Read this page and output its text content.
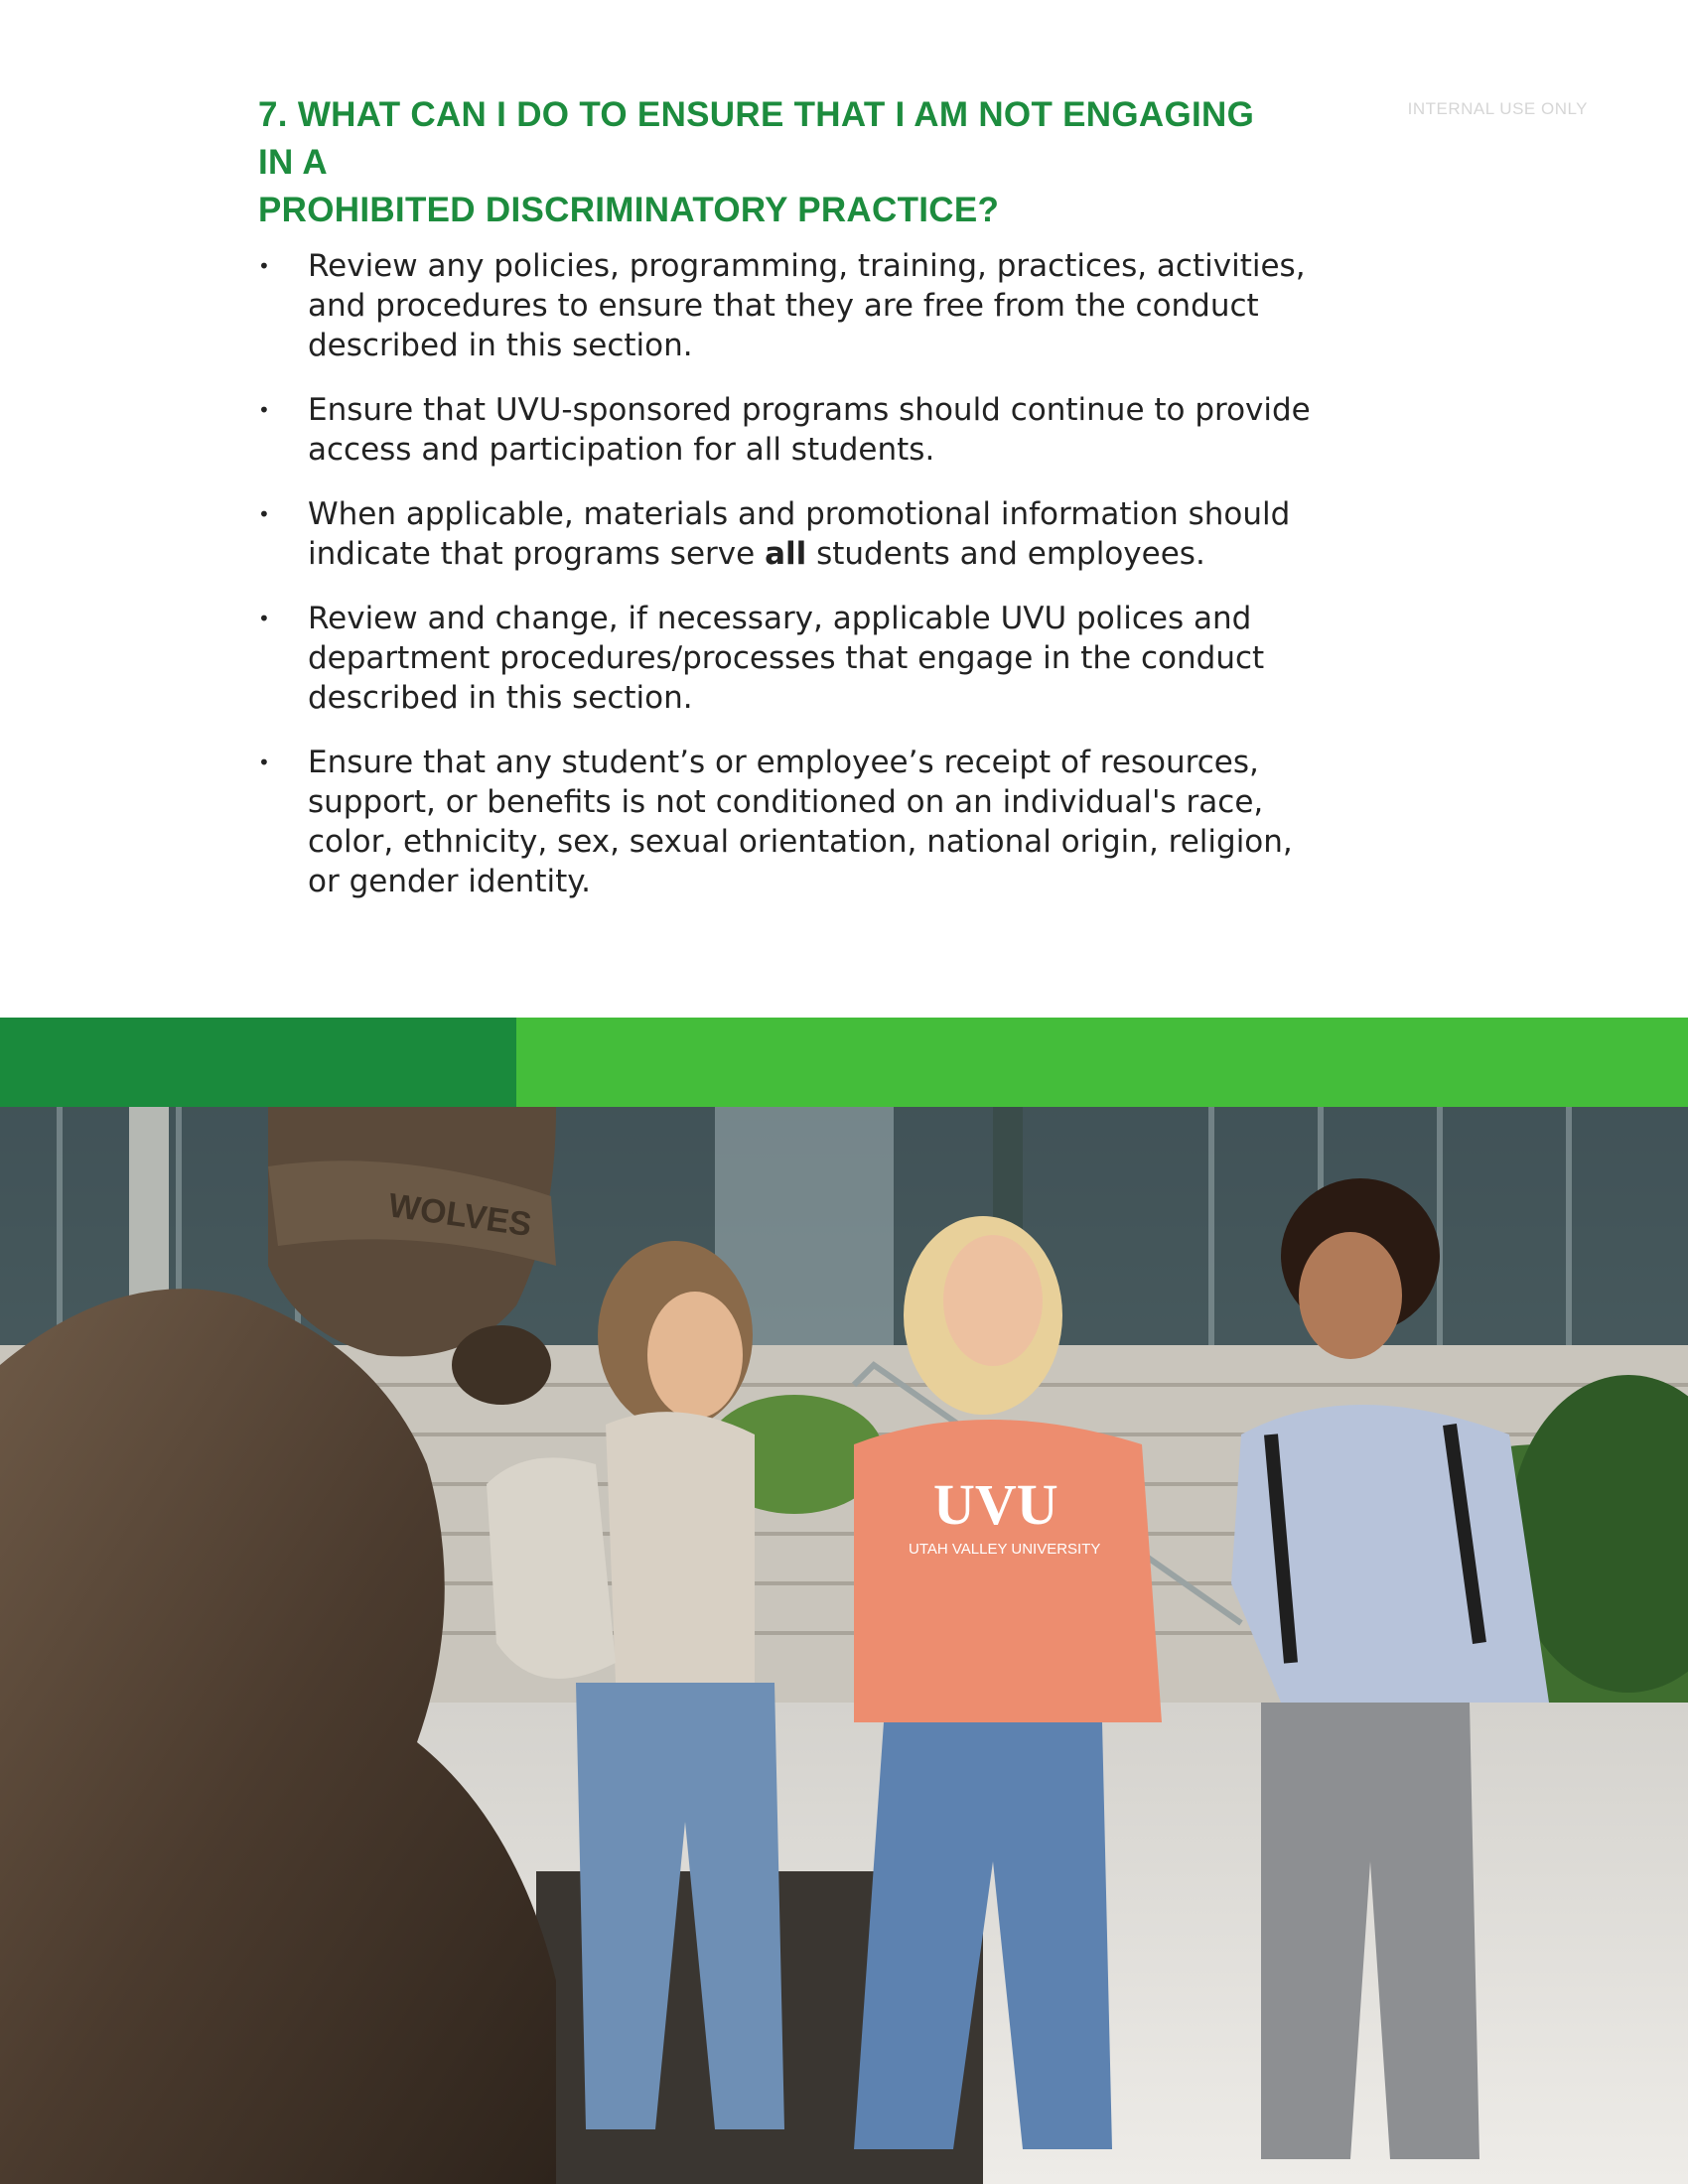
INTERNAL USE ONLY
7. WHAT CAN I DO TO ENSURE THAT I AM NOT ENGAGING IN A
PROHIBITED DISCRIMINATORY PRACTICE?
• Review any policies, programming, training, practices, activities, and procedures to ensure that they are free from the conduct described in this section.
• Ensure that UVU-sponsored programs should continue to provide access and participation for all students.
• When applicable, materials and promotional information should indicate that programs serve all students and employees.
• Review and change, if necessary, applicable UVU polices and department procedures/processes that engage in the conduct described in this section.
• Ensure that any student’s or employee’s receipt of resources, support, or benefits is not conditioned on an individual's race, color, ethnicity, sex, sexual orientation, national origin, religion, or gender identity.
WOLVES
UVU
UTAH VALLEY UNIVERSITY
